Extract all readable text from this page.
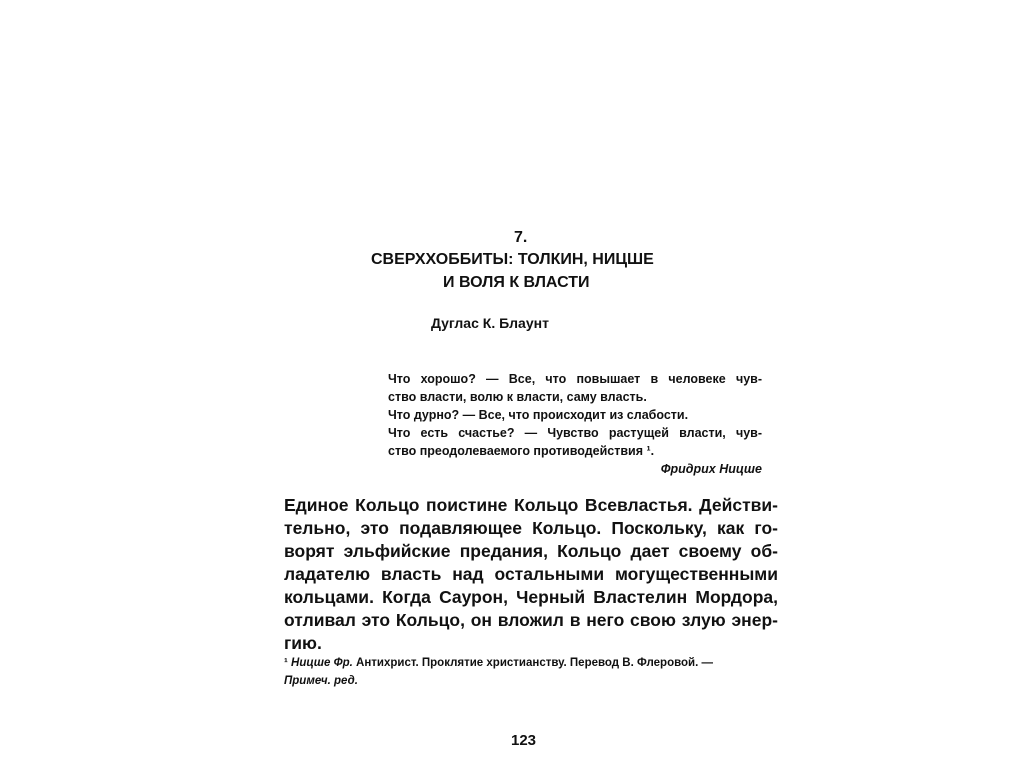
7.
СВЕРХХОББИТЫ: ТОЛКИН, НИЦШЕ
И ВОЛЯ К ВЛАСТИ
Дуглас К. Блаунт
Что хорошо? — Все, что повышает в человеке чув-
ство власти, волю к власти, саму власть.
Что дурно? — Все, что происходит из слабости.
Что есть счастье? — Чувство растущей власти, чув-
ство преодолеваемого противодействия ¹.
Фридрих Ницше
Единое Кольцо поистине Кольцо Всевластья. Действи-
тельно, это подавляющее Кольцо. Поскольку, как го-
ворят эльфийские предания, Кольцо дает своему об-
ладателю власть над остальными могущественными
кольцами. Когда Саурон, Черный Властелин Мордора,
отливал это Кольцо, он вложил в него свою злую энер-
гию.
¹ Ницше Фр. Антихрист. Проклятие христианству. Перевод В. Флеровой. —
Примеч. ред.
123
